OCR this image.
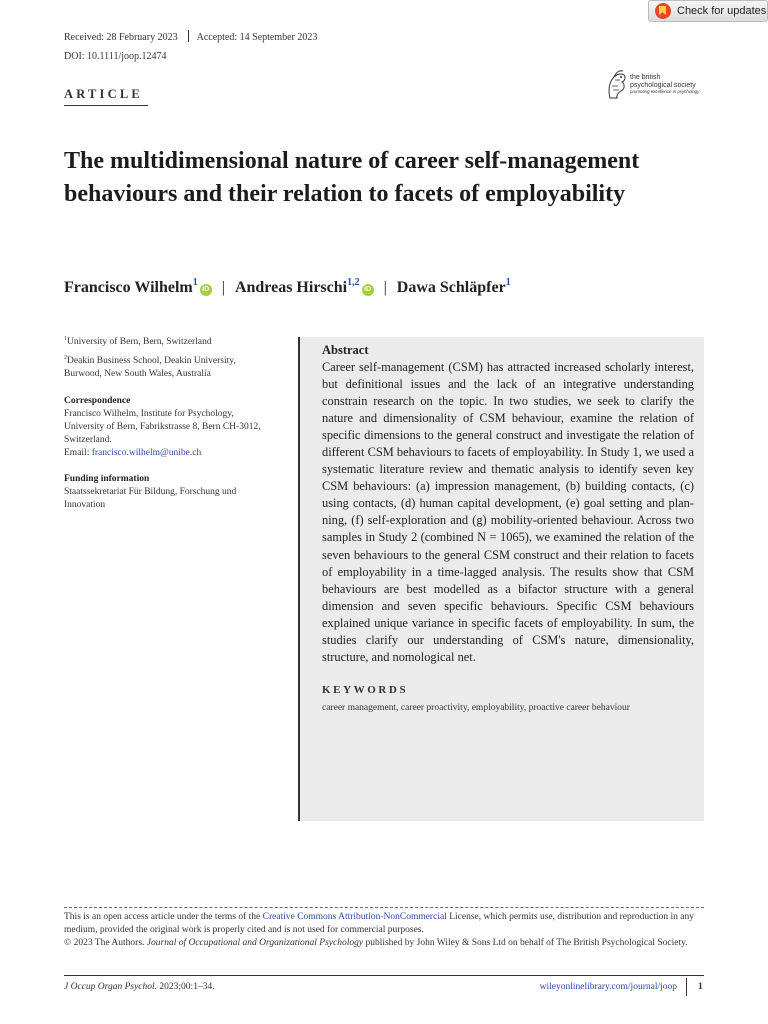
Check for updates
Received: 28 February 2023 Accepted: 14 September 2023
DOI: 10.1111/joop.12474
the british
psychological society
promoting excellence in psychology
ARTICLE
The multidimensional nature of career self-management behaviours and their relation to facets of employability
Francisco Wilhelm$^1$iD | Andreas Hirschi$^{1,2}$iD | Dawa Schläpfer$^1$

$^1$University of Bern, Bern, Switzerland

$^2$Deakin Business School, Deakin University, Burwood, New South Wales, Australia

Correspondence

Francisco Wilhelm, Institute for Psychology, University of Bern, Fabrikstrasse 8, Bern CH-3012, Switzerland.

Email: francisco.wilhelm@unibe.ch

Funding information

Staatssekretariat Für Bildung, Forschung und Innovation

Abstract

Career self-management (CSM) has attracted increased scholarly interest, but definitional issues and the lack of an integrative understanding constrain research on the topic. In two studies, we seek to clarify the nature and dimensionality of CSM behaviour, examine the relation of specific dimensions to the general construct and investigate the relation of different CSM behaviours to facets of employability. In Study 1, we used a systematic literature review and thematic analysis to identify seven key CSM behaviours: (a) impression management, (b) building contacts, (c) using contacts, (d) human capital development, (e) goal setting and planning, (f) self-exploration and (g) mobility-oriented behaviour. Across two samples in Study 2 (combined N = 1065), we examined the relation of the seven behaviours to the general CSM construct and their relation to facets of employability in a time-lagged analysis. The results show that CSM behaviours are best modelled as a bifactor structure with a general dimension and seven specific behaviours. Specific CSM behaviours explained unique variance in specific facets of employability. In sum, the studies clarify our understanding of CSM's nature, dimensionality, structure, and nomological net.

KEYWORDS
career management, career proactivity, employability, proactive career behaviour

This is an open access article under the terms of the Creative Commons Attribution-NonCommercial License, which permits use, distribution and reproduction in any medium, provided the original work is properly cited and is not used for commercial purposes.

© 2023 The Authors. Journal of Occupational and Organizational Psychology published by John Wiley & Sons Ltd on behalf of The British Psychological Society.

J Occup Organ Psychol. 2023;00:1–34.	wileyonlinelibrary.com/journal/joop 1
